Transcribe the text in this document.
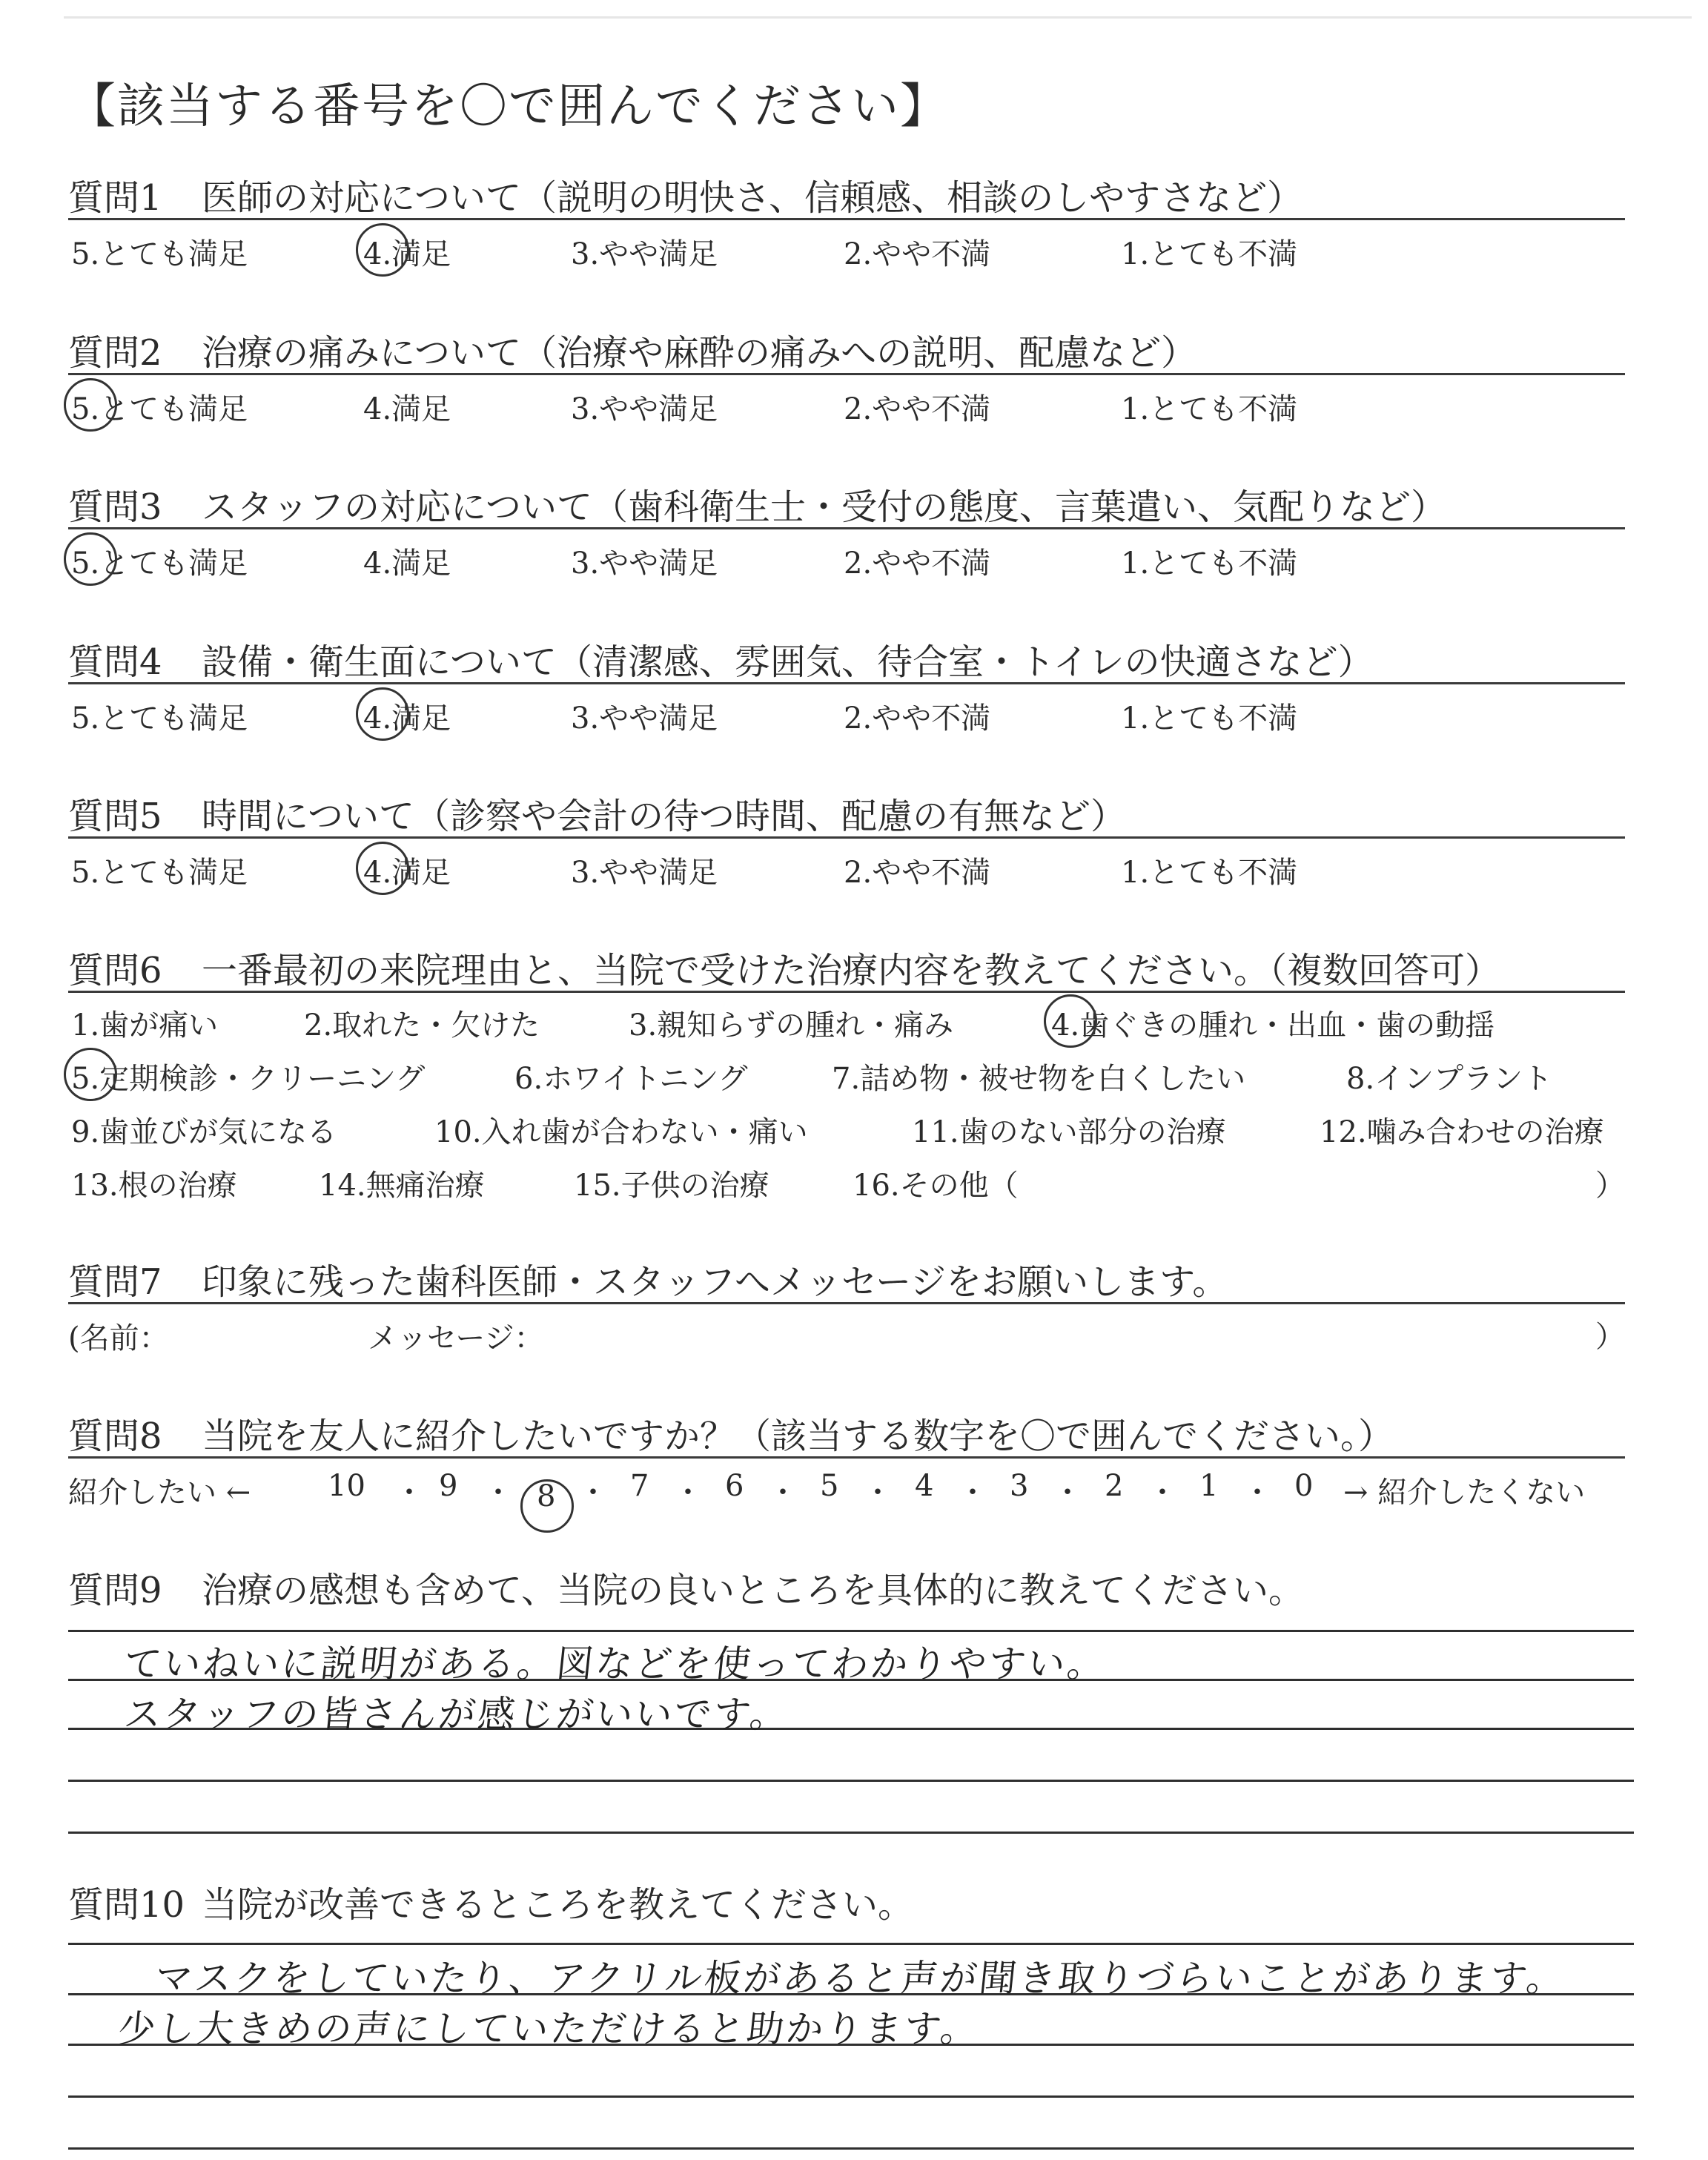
【該当する番号を〇で囲んでください】
質問1	医師の対応について（説明の明快さ、信頼感、相談のしやすさなど）
5.とても満足	4.満足	3.やや満足	2.やや不満	1.とても不満
質問2	治療の痛みについて（治療や麻酔の痛みへの説明、配慮など）
5.とても満足	4.満足	3.やや満足	2.やや不満	1.とても不満
質問3	スタッフの対応について（歯科衛生士・受付の態度、言葉遣い、気配りなど）
5.とても満足	4.満足	3.やや満足	2.やや不満	1.とても不満
質問4	設備・衛生面について（清潔感、雰囲気、待合室・トイレの快適さなど）
5.とても満足	4.満足	3.やや満足	2.やや不満	1.とても不満
質問5	時間について（診察や会計の待つ時間、配慮の有無など）
5.とても満足	4.満足	3.やや満足	2.やや不満	1.とても不満
質問6	一番最初の来院理由と、当院で受けた治療内容を教えてください。（複数回答可）
1.歯が痛い	2.取れた・欠けた	3.親知らずの腫れ・痛み	4.歯ぐきの腫れ・出血・歯の動揺
5.定期検診・クリーニング	6.ホワイトニング	7.詰め物・被せ物を白くしたい	8.インプラント
9.歯並びが気になる	10.入れ歯が合わない・痛い	11.歯のない部分の治療	12.噛み合わせの治療
13.根の治療	14.無痛治療	15.子供の治療	16.その他（	）
質問7	印象に残った歯科医師・スタッフへメッセージをお願いします。
(名前：	メッセージ：	）
質問8	当院を友人に紹介したいですか？（該当する数字を〇で囲んでください。）
紹介したい ←	10 ・ 9 ・ 8 ・ 7 ・ 6 ・ 5 ・ 4 ・ 3 ・ 2 ・ 1 ・ 0 → 紹介したくない
質問9	治療の感想も含めて、当院の良いところを具体的に教えてください。
ていねいに説明がある。図などを使ってわかりやすい。
スタッフの皆さんが感じがいいです。
質問10 当院が改善できるところを教えてください。
マスクをしていたり、アクリル板があると声が聞き取りづらいことがあります。
少し大きめの声にしていただけると助かります。
